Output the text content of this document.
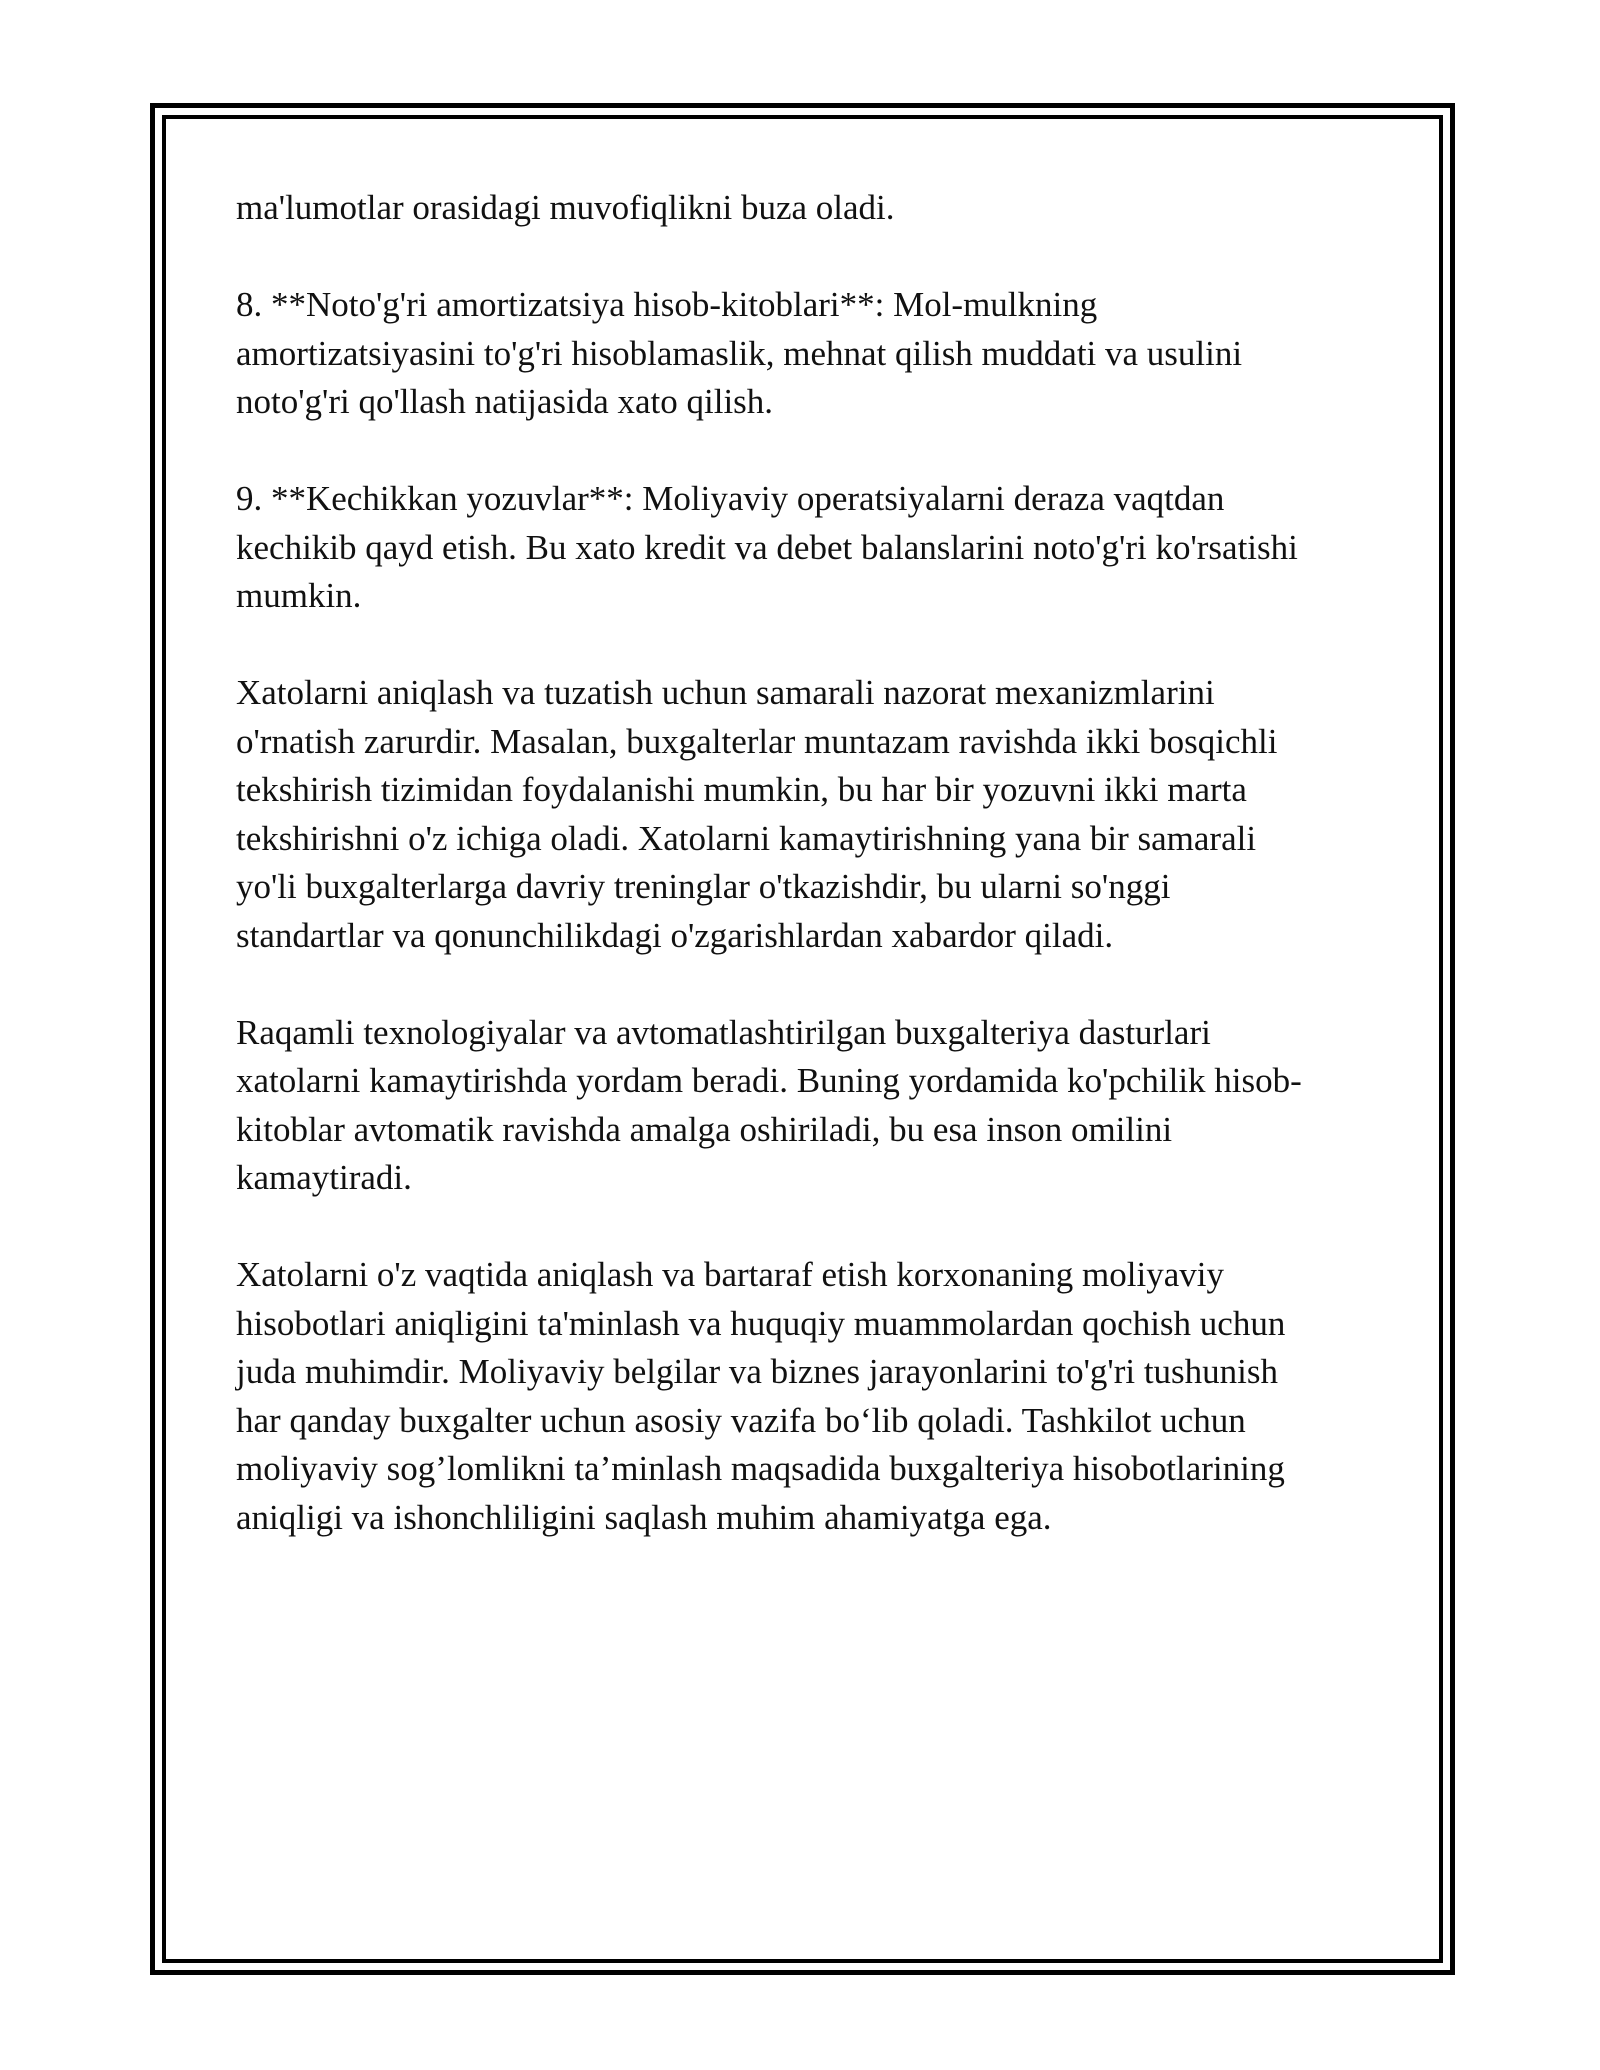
ma'lumotlar orasidagi muvofiqlikni buza oladi.

8. **Noto'g'ri amortizatsiya hisob-kitoblari**: Mol-mulkning
amortizatsiyasini to'g'ri hisoblamaslik, mehnat qilish muddati va usulini
noto'g'ri qo'llash natijasida xato qilish.

9. **Kechikkan yozuvlar**: Moliyaviy operatsiyalarni deraza vaqtdan
kechikib qayd etish. Bu xato kredit va debet balanslarini noto'g'ri ko'rsatishi
mumkin.

Xatolarni aniqlash va tuzatish uchun samarali nazorat mexanizmlarini
o'rnatish zarurdir. Masalan, buxgalterlar muntazam ravishda ikki bosqichli
tekshirish tizimidan foydalanishi mumkin, bu har bir yozuvni ikki marta
tekshirishni o'z ichiga oladi. Xatolarni kamaytirishning yana bir samarali
yo'li buxgalterlarga davriy treninglar o'tkazishdir, bu ularni so'nggi
standartlar va qonunchilikdagi o'zgarishlardan xabardor qiladi.

Raqamli texnologiyalar va avtomatlashtirilgan buxgalteriya dasturlari
xatolarni kamaytirishda yordam beradi. Buning yordamida ko'pchilik hisob-
kitoblar avtomatik ravishda amalga oshiriladi, bu esa inson omilini
kamaytiradi.

Xatolarni o'z vaqtida aniqlash va bartaraf etish korxonaning moliyaviy
hisobotlari aniqligini ta'minlash va huquqiy muammolardan qochish uchun
juda muhimdir. Moliyaviy belgilar va biznes jarayonlarini to'g'ri tushunish
har qanday buxgalter uchun asosiy vazifa bo‘lib qoladi. Tashkilot uchun
moliyaviy sog’lomlikni ta’minlash maqsadida buxgalteriya hisobotlarining
aniqligi va ishonchliligini saqlash muhim ahamiyatga ega.
